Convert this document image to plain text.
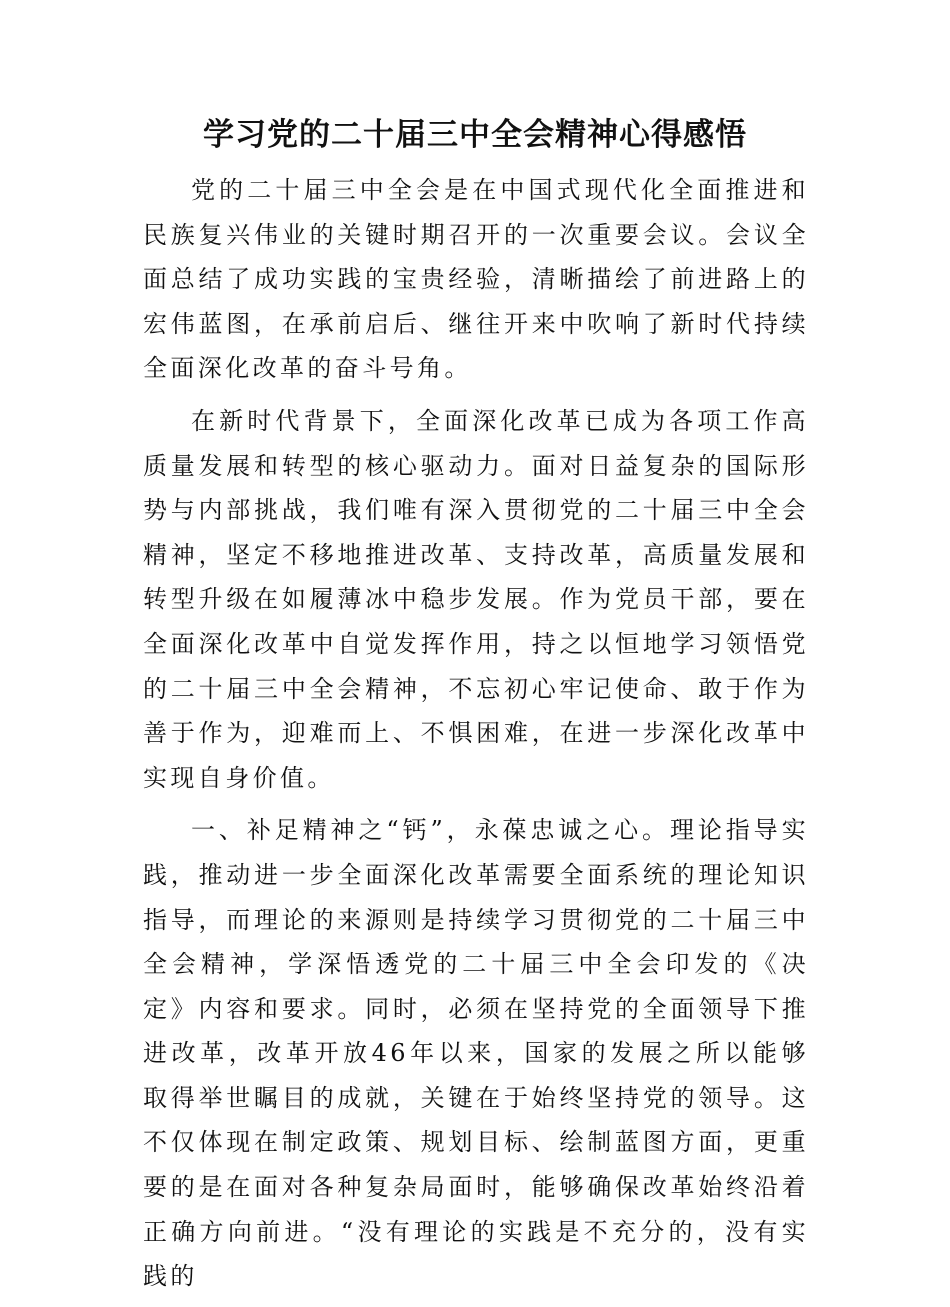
学习党的二十届三中全会精神心得感悟

党的二十届三中全会是在中国式现代化全面推进和民族复兴伟业的关键时期召开的一次重要会议。会议全面总结了成功实践的宝贵经验，清晰描绘了前进路上的宏伟蓝图，在承前启后、继往开来中吹响了新时代持续全面深化改革的奋斗号角。

在新时代背景下，全面深化改革已成为各项工作高质量发展和转型的核心驱动力。面对日益复杂的国际形势与内部挑战，我们唯有深入贯彻党的二十届三中全会精神，坚定不移地推进改革、支持改革，高质量发展和转型升级在如履薄冰中稳步发展。作为党员干部，要在全面深化改革中自觉发挥作用，持之以恒地学习领悟党的二十届三中全会精神，不忘初心牢记使命、敢于作为善于作为，迎难而上、不惧困难，在进一步深化改革中实现自身价值。

一、补足精神之“钙”，永葆忠诚之心。理论指导实践，推动进一步全面深化改革需要全面系统的理论知识指导，而理论的来源则是持续学习贯彻党的二十届三中全会精神，学深悟透党的二十届三中全会印发的《决定》内容和要求。同时，必须在坚持党的全面领导下推进改革，改革开放46年以来，国家的发展之所以能够取得举世瞩目的成就，关键在于始终坚持党的领导。这不仅体现在制定政策、规划目标、绘制蓝图方面，更重要的是在面对各种复杂局面时，能够确保改革始终沿着正确方向前进。“没有理论的实践是不充分的，没有实践的
